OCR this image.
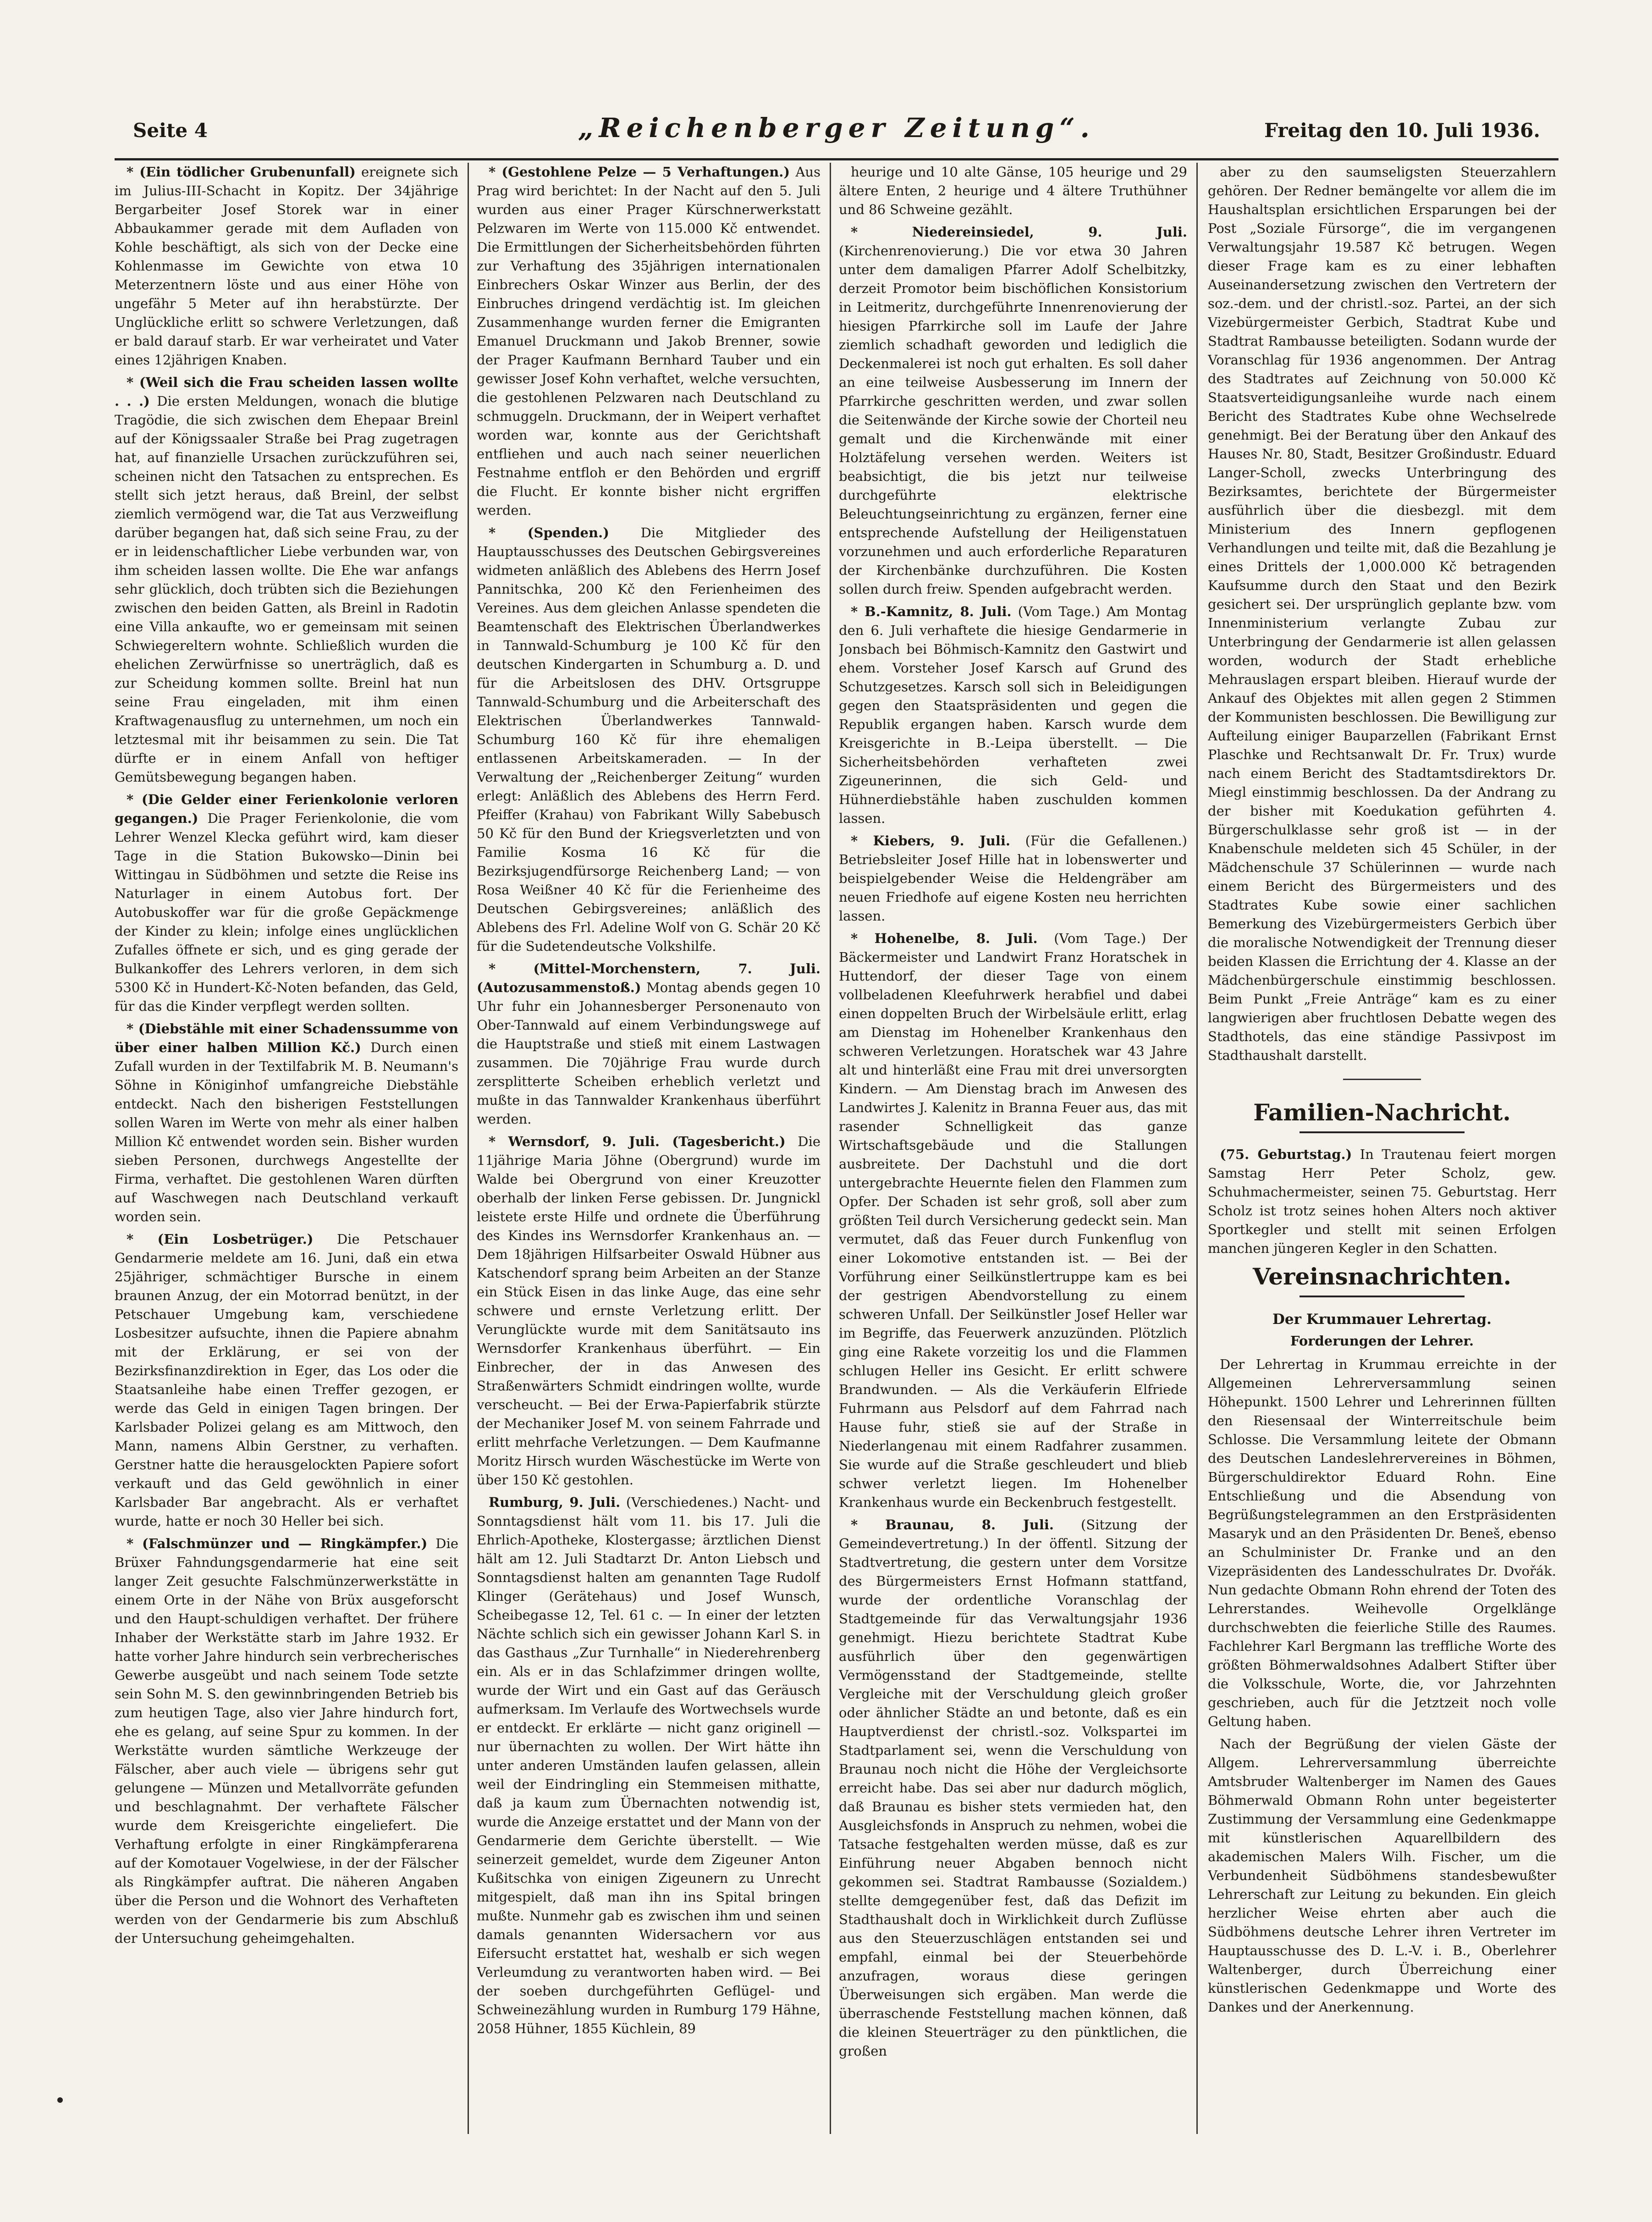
Seite 4	„Reichenberger Zeitung“.	Freitag den 10. Juli 1936.

* (Ein tödlicher Grubenunfall) ereignete sich im Julius-III-Schacht in Kopitz. Der 34jährige Bergarbeiter Josef Storek war in einer Abbaukammer gerade mit dem Aufladen von Kohle beschäftigt, als sich von der Decke eine Kohlenmasse im Gewichte von etwa 10 Meterzentnern löste und aus einer Höhe von ungefähr 5 Meter auf ihn herabstürzte. Der Unglückliche erlitt so schwere Verletzungen, daß er bald darauf starb. Er war verheiratet und Vater eines 12jährigen Knaben.

* (Weil sich die Frau scheiden lassen wollte . . .) Die ersten Meldungen, wonach die blutige Tragödie, die sich zwischen dem Ehepaar Breinl auf der Königssaaler Straße bei Prag zugetragen hat, auf finanzielle Ursachen zurückzuführen sei, scheinen nicht den Tatsachen zu entsprechen. Es stellt sich jetzt heraus, daß Breinl, der selbst ziemlich vermögend war, die Tat aus Verzweiflung darüber begangen hat, daß sich seine Frau, zu der er in leidenschaftlicher Liebe verbunden war, von ihm scheiden lassen wollte. Die Ehe war anfangs sehr glücklich, doch trübten sich die Beziehungen zwischen den beiden Gatten, als Breinl in Radotin eine Villa ankaufte, wo er gemeinsam mit seinen Schwiegereltern wohnte. Schließlich wurden die ehelichen Zerwürfnisse so unerträglich, daß es zur Scheidung kommen sollte. Breinl hat nun seine Frau eingeladen, mit ihm einen Kraftwagenausflug zu unternehmen, um noch ein letztesmal mit ihr beisammen zu sein. Die Tat dürfte er in einem Anfall von heftiger Gemütsbewegung begangen haben.

* (Die Gelder einer Ferienkolonie verloren gegangen.) Die Prager Ferienkolonie, die vom Lehrer Wenzel Klecka geführt wird, kam dieser Tage in die Station Bukowsko—Dinin bei Wittingau in Südböhmen und setzte die Reise ins Naturlager in einem Autobus fort. Der Autobuskoffer war für die große Gepäckmenge der Kinder zu klein; infolge eines unglücklichen Zufalles öffnete er sich, und es ging gerade der Bulkankoffer des Lehrers verloren, in dem sich 5300 Kč in Hundert-Kč-Noten befanden, das Geld, für das die Kinder verpflegt werden sollten.

* (Diebstähle mit einer Schadenssumme von über einer halben Million Kč.) Durch einen Zufall wurden in der Textilfabrik M. B. Neumann's Söhne in Königinhof umfangreiche Diebstähle entdeckt. Nach den bisherigen Feststellungen sollen Waren im Werte von mehr als einer halben Million Kč entwendet worden sein. Bisher wurden sieben Personen, durchwegs Angestellte der Firma, verhaftet. Die gestohlenen Waren dürften auf Waschwegen nach Deutschland verkauft worden sein.

* (Ein Losbetrüger.) Die Petschauer Gendarmerie meldete am 16. Juni, daß ein etwa 25jähriger, schmächtiger Bursche in einem braunen Anzug, der ein Motorrad benützt, in der Petschauer Umgebung kam, verschiedene Losbesitzer aufsuchte, ihnen die Papiere abnahm mit der Erklärung, er sei von der Bezirksfinanzdirektion in Eger, das Los oder die Staatsanleihe habe einen Treffer gezogen, er werde das Geld in einigen Tagen bringen. Der Karlsbader Polizei gelang es am Mittwoch, den Mann, namens Albin Gerstner, zu verhaften. Gerstner hatte die herausgelockten Papiere sofort verkauft und das Geld gewöhnlich in einer Karlsbader Bar angebracht. Als er verhaftet wurde, hatte er noch 30 Heller bei sich.

* (Falschmünzer und — Ringkämpfer.) Die Brüxer Fahndungsgendarmerie hat eine seit langer Zeit gesuchte Falschmünzerwerkstätte in einem Orte in der Nähe von Brüx ausgeforscht und den Haupt-schuldigen verhaftet. Der frühere Inhaber der Werkstätte starb im Jahre 1932. Er hatte vorher Jahre hindurch sein verbrecherisches Gewerbe ausgeübt und nach seinem Tode setzte sein Sohn M. S. den gewinnbringenden Betrieb bis zum heutigen Tage, also vier Jahre hindurch fort, ehe es gelang, auf seine Spur zu kommen. In der Werkstätte wurden sämtliche Werkzeuge der Fälscher, aber auch viele — übrigens sehr gut gelungene — Münzen und Metallvorräte gefunden und beschlagnahmt. Der verhaftete Fälscher wurde dem Kreisgerichte eingeliefert. Die Verhaftung erfolgte in einer Ringkämpferarena auf der Komotauer Vogelwiese, in der der Fälscher als Ringkämpfer auftrat. Die näheren Angaben über die Person und die Wohnort des Verhafteten werden von der Gendarmerie bis zum Abschluß der Untersuchung geheimgehalten.

* (Gestohlene Pelze — 5 Verhaftungen.) Aus Prag wird berichtet: In der Nacht auf den 5. Juli wurden aus einer Prager Kürschnerwerkstatt Pelzwaren im Werte von 115.000 Kč entwendet. Die Ermittlungen der Sicherheitsbehörden führten zur Verhaftung des 35jährigen internationalen Einbrechers Oskar Winzer aus Berlin, der des Einbruches dringend verdächtig ist. Im gleichen Zusammenhange wurden ferner die Emigranten Emanuel Druckmann und Jakob Brenner, sowie der Prager Kaufmann Bernhard Tauber und ein gewisser Josef Kohn verhaftet, welche versuchten, die gestohlenen Pelzwaren nach Deutschland zu schmuggeln. Druckmann, der in Weipert verhaftet worden war, konnte aus der Gerichtshaft entfliehen und auch nach seiner neuerlichen Festnahme entfloh er den Behörden und ergriff die Flucht. Er konnte bisher nicht ergriffen werden.

* (Spenden.) Die Mitglieder des Hauptausschusses des Deutschen Gebirgsvereines widmeten anläßlich des Ablebens des Herrn Josef Pannitschka, 200 Kč den Ferienheimen des Vereines. Aus dem gleichen Anlasse spendeten die Beamtenschaft des Elektrischen Überlandwerkes in Tannwald-Schumburg je 100 Kč für den deutschen Kindergarten in Schumburg a. D. und für die Arbeitslosen des DHV. Ortsgruppe Tannwald-Schumburg und die Arbeiterschaft des Elektrischen Überlandwerkes Tannwald-Schumburg 160 Kč für ihre ehemaligen entlassenen Arbeitskameraden. — In der Verwaltung der „Reichenberger Zeitung“ wurden erlegt: Anläßlich des Ablebens des Herrn Ferd. Pfeiffer (Krahau) von Fabrikant Willy Sabebusch 50 Kč für den Bund der Kriegsverletzten und von Familie Kosma 16 Kč für die Bezirksjugendfürsorge Reichenberg Land; — von Rosa Weißner 40 Kč für die Ferienheime des Deutschen Gebirgsvereines; anläßlich des Ablebens des Frl. Adeline Wolf von G. Schär 20 Kč für die Sudetendeutsche Volkshilfe.

* (Mittel-Morchenstern, 7. Juli. (Autozusammenstoß.) Montag abends gegen 10 Uhr fuhr ein Johannesberger Personenauto von Ober-Tannwald auf einem Verbindungswege auf die Hauptstraße und stieß mit einem Lastwagen zusammen. Die 70jährige Frau wurde durch zersplitterte Scheiben erheblich verletzt und mußte in das Tannwalder Krankenhaus überführt werden.

* Wernsdorf, 9. Juli. (Tagesbericht.) Die 11jährige Maria Jöhne (Obergrund) wurde im Walde bei Obergrund von einer Kreuzotter oberhalb der linken Ferse gebissen. Dr. Jungnickl leistete erste Hilfe und ordnete die Überführung des Kindes ins Wernsdorfer Krankenhaus an. — Dem 18jährigen Hilfsarbeiter Oswald Hübner aus Katschendorf sprang beim Arbeiten an der Stanze ein Stück Eisen in das linke Auge, das eine sehr schwere und ernste Verletzung erlitt. Der Verunglückte wurde mit dem Sanitätsauto ins Wernsdorfer Krankenhaus überführt. — Ein Einbrecher, der in das Anwesen des Straßenwärters Schmidt eindringen wollte, wurde verscheucht. — Bei der Erwa-Papierfabrik stürzte der Mechaniker Josef M. von seinem Fahrrade und erlitt mehrfache Verletzungen. — Dem Kaufmanne Moritz Hirsch wurden Wäschestücke im Werte von über 150 Kč gestohlen.

Rumburg, 9. Juli. (Verschiedenes.) Nacht- und Sonntagsdienst hält vom 11. bis 17. Juli die Ehrlich-Apotheke, Klostergasse; ärztlichen Dienst hält am 12. Juli Stadtarzt Dr. Anton Liebsch und Sonntagsdienst halten am genannten Tage Rudolf Klinger (Gerätehaus) und Josef Wunsch, Scheibegasse 12, Tel. 61 c. — In einer der letzten Nächte schlich sich ein gewisser Johann Karl S. in das Gasthaus „Zur Turnhalle“ in Niederehrenberg ein. Als er in das Schlafzimmer dringen wollte, wurde der Wirt und ein Gast auf das Geräusch aufmerksam. Im Verlaufe des Wortwechsels wurde er entdeckt. Er erklärte — nicht ganz originell — nur übernachten zu wollen. Der Wirt hätte ihn unter anderen Umständen laufen gelassen, allein weil der Eindringling ein Stemmeisen mithatte, daß ja kaum zum Übernachten notwendig ist, wurde die Anzeige erstattet und der Mann von der Gendarmerie dem Gerichte überstellt. — Wie seinerzeit gemeldet, wurde dem Zigeuner Anton Kußitschka von einigen Zigeunern zu Unrecht mitgespielt, daß man ihn ins Spital bringen mußte. Nunmehr gab es zwischen ihm und seinen damals genannten Widersachern vor aus Eifersucht erstattet hat, weshalb er sich wegen Verleumdung zu verantworten haben wird. — Bei der soeben durchgeführten Geflügel- und Schweinezählung wurden in Rumburg 179 Hähne, 2058 Hühner, 1855 Küchlein, 89

heurige und 10 alte Gänse, 105 heurige und 29 ältere Enten, 2 heurige und 4 ältere Truthühner und 86 Schweine gezählt.

* Niedereinsiedel, 9. Juli. (Kirchenrenovierung.) Die vor etwa 30 Jahren unter dem damaligen Pfarrer Adolf Schelbitzky, derzeit Promotor beim bischöflichen Konsistorium in Leitmeritz, durchgeführte Innenrenovierung der hiesigen Pfarrkirche soll im Laufe der Jahre ziemlich schadhaft geworden und lediglich die Deckenmalerei ist noch gut erhalten. Es soll daher an eine teilweise Ausbesserung im Innern der Pfarrkirche geschritten werden, und zwar sollen die Seitenwände der Kirche sowie der Chorteil neu gemalt und die Kirchenwände mit einer Holztäfelung versehen werden. Weiters ist beabsichtigt, die bis jetzt nur teilweise durchgeführte elektrische Beleuchtungseinrichtung zu ergänzen, ferner eine entsprechende Aufstellung der Heiligenstatuen vorzunehmen und auch erforderliche Reparaturen der Kirchenbänke durchzuführen. Die Kosten sollen durch freiw. Spenden aufgebracht werden.

* B.-Kamnitz, 8. Juli. (Vom Tage.) Am Montag den 6. Juli verhaftete die hiesige Gendarmerie in Jonsbach bei Böhmisch-Kamnitz den Gastwirt und ehem. Vorsteher Josef Karsch auf Grund des Schutzgesetzes. Karsch soll sich in Beleidigungen gegen den Staatspräsidenten und gegen die Republik ergangen haben. Karsch wurde dem Kreisgerichte in B.-Leipa überstellt. — Die Sicherheitsbehörden verhafteten zwei Zigeunerinnen, die sich Geld- und Hühnerdiebstähle haben zuschulden kommen lassen.

* Kiebers, 9. Juli. (Für die Gefallenen.) Betriebsleiter Josef Hille hat in lobenswerter und beispielgebender Weise die Heldengräber am neuen Friedhofe auf eigene Kosten neu herrichten lassen.

* Hohenelbe, 8. Juli. (Vom Tage.) Der Bäckermeister und Landwirt Franz Horatschek in Huttendorf, der dieser Tage von einem vollbeladenen Kleefuhrwerk herabfiel und dabei einen doppelten Bruch der Wirbelsäule erlitt, erlag am Dienstag im Hohenelber Krankenhaus den schweren Verletzungen. Horatschek war 43 Jahre alt und hinterläßt eine Frau mit drei unversorgten Kindern. — Am Dienstag brach im Anwesen des Landwirtes J. Kalenitz in Branna Feuer aus, das mit rasender Schnelligkeit das ganze Wirtschaftsgebäude und die Stallungen ausbreitete. Der Dachstuhl und die dort untergebrachte Heuernte fielen den Flammen zum Opfer. Der Schaden ist sehr groß, soll aber zum größten Teil durch Versicherung gedeckt sein. Man vermutet, daß das Feuer durch Funkenflug von einer Lokomotive entstanden ist. — Bei der Vorführung einer Seilkünstlertruppe kam es bei der gestrigen Abendvorstellung zu einem schweren Unfall. Der Seilkünstler Josef Heller war im Begriffe, das Feuerwerk anzuzünden. Plötzlich ging eine Rakete vorzeitig los und die Flammen schlugen Heller ins Gesicht. Er erlitt schwere Brandwunden. — Als die Verkäuferin Elfriede Fuhrmann aus Pelsdorf auf dem Fahrrad nach Hause fuhr, stieß sie auf der Straße in Niederlangenau mit einem Radfahrer zusammen. Sie wurde auf die Straße geschleudert und blieb schwer verletzt liegen. Im Hohenelber Krankenhaus wurde ein Beckenbruch festgestellt.

* Braunau, 8. Juli. (Sitzung der Gemeindevertretung.) In der öffentl. Sitzung der Stadtvertretung, die gestern unter dem Vorsitze des Bürgermeisters Ernst Hofmann stattfand, wurde der ordentliche Voranschlag der Stadtgemeinde für das Verwaltungsjahr 1936 genehmigt. Hiezu berichtete Stadtrat Kube ausführlich über den gegenwärtigen Vermögensstand der Stadtgemeinde, stellte Vergleiche mit der Verschuldung gleich großer oder ähnlicher Städte an und betonte, daß es ein Hauptverdienst der christl.-soz. Volkspartei im Stadtparlament sei, wenn die Verschuldung von Braunau noch nicht die Höhe der Vergleichsorte erreicht habe. Das sei aber nur dadurch möglich, daß Braunau es bisher stets vermieden hat, den Ausgleichsfonds in Anspruch zu nehmen, wobei die Tatsache festgehalten werden müsse, daß es zur Einführung neuer Abgaben bennoch nicht gekommen sei. Stadtrat Rambausse (Sozialdem.) stellte demgegenüber fest, daß das Defizit im Stadthaushalt doch in Wirklichkeit durch Zuflüsse aus den Steuerzuschlägen entstanden sei und empfahl, einmal bei der Steuerbehörde anzufragen, woraus diese geringen Überweisungen sich ergäben. Man werde die überraschende Feststellung machen können, daß die kleinen Steuerträger zu den pünktlichen, die großen

aber zu den saumseligsten Steuerzahlern gehören. Der Redner bemängelte vor allem die im Haushaltsplan ersichtlichen Ersparungen bei der Post „Soziale Fürsorge“, die im vergangenen Verwaltungsjahr 19.587 Kč betrugen. Wegen dieser Frage kam es zu einer lebhaften Auseinandersetzung zwischen den Vertretern der soz.-dem. und der christl.-soz. Partei, an der sich Vizebürgermeister Gerbich, Stadtrat Kube und Stadtrat Rambausse beteiligten. Sodann wurde der Voranschlag für 1936 angenommen. Der Antrag des Stadtrates auf Zeichnung von 50.000 Kč Staatsverteidigungsanleihe wurde nach einem Bericht des Stadtrates Kube ohne Wechselrede genehmigt. Bei der Beratung über den Ankauf des Hauses Nr. 80, Stadt, Besitzer Großindustr. Eduard Langer-Scholl, zwecks Unterbringung des Bezirksamtes, berichtete der Bürgermeister ausführlich über die diesbezgl. mit dem Ministerium des Innern gepflogenen Verhandlungen und teilte mit, daß die Bezahlung je eines Drittels der 1,000.000 Kč betragenden Kaufsumme durch den Staat und den Bezirk gesichert sei. Der ursprünglich geplante bzw. vom Innenministerium verlangte Zubau zur Unterbringung der Gendarmerie ist allen gelassen worden, wodurch der Stadt erhebliche Mehrauslagen erspart bleiben. Hierauf wurde der Ankauf des Objektes mit allen gegen 2 Stimmen der Kommunisten beschlossen. Die Bewilligung zur Aufteilung einiger Bauparzellen (Fabrikant Ernst Plaschke und Rechtsanwalt Dr. Fr. Trux) wurde nach einem Bericht des Stadtamtsdirektors Dr. Miegl einstimmig beschlossen. Da der Andrang zu der bisher mit Koedukation geführten 4. Bürgerschulklasse sehr groß ist — in der Knabenschule meldeten sich 45 Schüler, in der Mädchenschule 37 Schülerinnen — wurde nach einem Bericht des Bürgermeisters und des Stadtrates Kube sowie einer sachlichen Bemerkung des Vizebürgermeisters Gerbich über die moralische Notwendigkeit der Trennung dieser beiden Klassen die Errichtung der 4. Klasse an der Mädchenbürgerschule einstimmig beschlossen. Beim Punkt „Freie Anträge“ kam es zu einer langwierigen aber fruchtlosen Debatte wegen des Stadthotels, das eine ständige Passivpost im Stadthaushalt darstellt.

Familien-Nachricht.

(75. Geburtstag.) In Trautenau feiert morgen Samstag Herr Peter Scholz, gew. Schuhmachermeister, seinen 75. Geburtstag. Herr Scholz ist trotz seines hohen Alters noch aktiver Sportkegler und stellt mit seinen Erfolgen manchen jüngeren Kegler in den Schatten.

Vereinsnachrichten.
Der Krummauer Lehrertag.
Forderungen der Lehrer.

Der Lehrertag in Krummau erreichte in der Allgemeinen Lehrerversammlung seinen Höhepunkt. 1500 Lehrer und Lehrerinnen füllten den Riesensaal der Winterreitschule beim Schlosse. Die Versammlung leitete der Obmann des Deutschen Landeslehrervereines in Böhmen, Bürgerschuldirektor Eduard Rohn. Eine Entschließung und die Absendung von Begrüßungstelegrammen an den Erstpräsidenten Masaryk und an den Präsidenten Dr. Beneš, ebenso an Schulminister Dr. Franke und an den Vizepräsidenten des Landesschulrates Dr. Dvořák. Nun gedachte Obmann Rohn ehrend der Toten des Lehrerstandes. Weihevolle Orgelklänge durchschwebten die feierliche Stille des Raumes. Fachlehrer Karl Bergmann las treffliche Worte des größten Böhmerwaldsohnes Adalbert Stifter über die Volksschule, Worte, die, vor Jahrzehnten geschrieben, auch für die Jetztzeit noch volle Geltung haben.

Nach der Begrüßung der vielen Gäste der Allgem. Lehrerversammlung überreichte Amtsbruder Waltenberger im Namen des Gaues Böhmerwald Obmann Rohn unter begeisterter Zustimmung der Versammlung eine Gedenkmappe mit künstlerischen Aquarellbildern des akademischen Malers Wilh. Fischer, um die Verbundenheit Südböhmens standesbewußter Lehrerschaft zur Leitung zu bekunden. Ein gleich herzlicher Weise ehrten aber auch die Südböhmens deutsche Lehrer ihren Vertreter im Hauptausschusse des D. L.-V. i. B., Oberlehrer Waltenberger, durch Überreichung einer künstlerischen Gedenkmappe und Worte des Dankes und der Anerkennung.
